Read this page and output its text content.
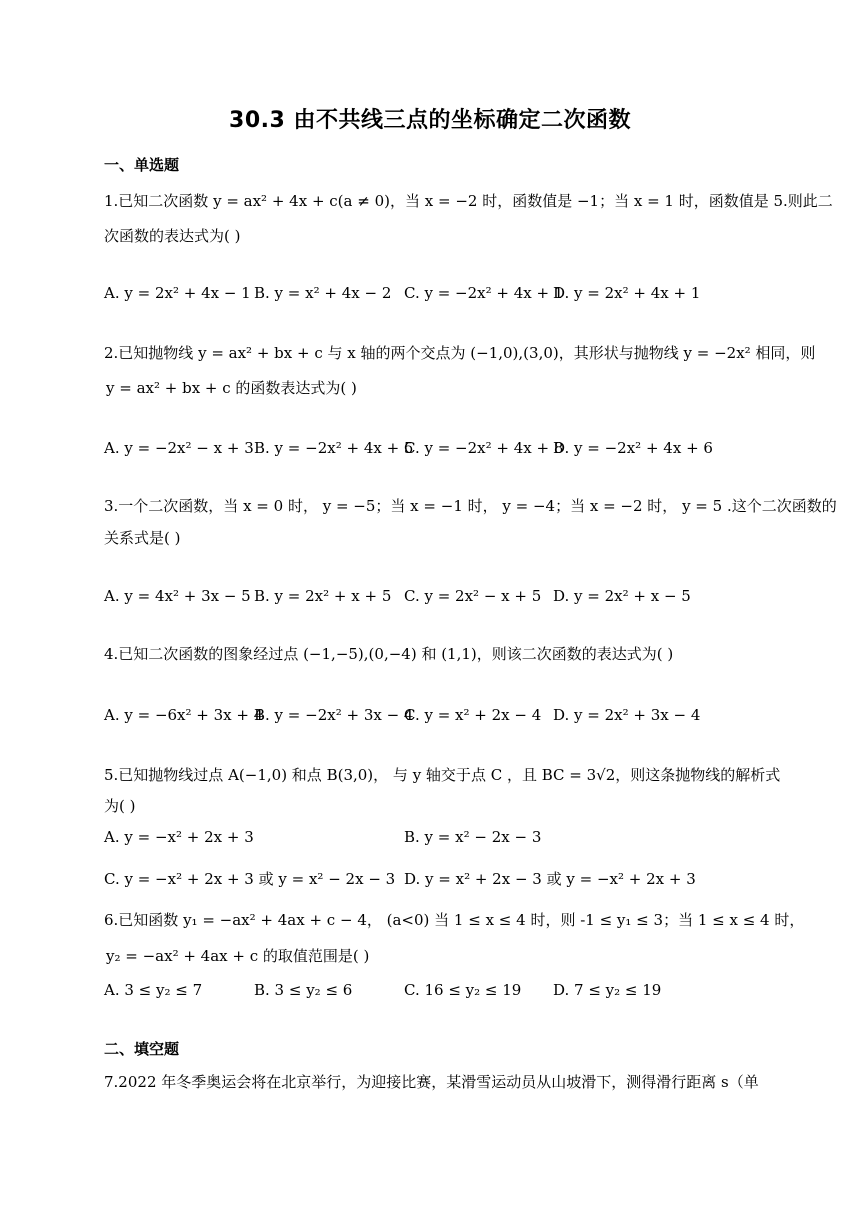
30.3 由不共线三点的坐标确定二次函数
一、单选题
1.已知二次函数 y = ax² + 4x + c(a ≠ 0)，当 x = −2 时，函数值是 −1；当 x = 1 时，函数值是 5.则此二
次函数的表达式为( )
A. y = 2x² + 4x − 1 B. y = x² + 4x − 2 C. y = −2x² + 4x + 1
D. y = 2x² + 4x + 1
2.已知抛物线 y = ax² + bx + c 与 x 轴的两个交点为 (−1,0),(3,0)，其形状与抛物线 y = −2x² 相同，则
y = ax² + bx + c 的函数表达式为( )
A. y = −2x² − x + 3 B. y = −2x² + 4x + 5
C. y = −2x² + 4x + 8
D. y = −2x² + 4x + 6
3.一个二次函数，当 x = 0 时， y = −5；当 x = −1 时， y = −4；当 x = −2 时， y = 5 .这个二次函数的
关系式是( )
A. y = 4x² + 3x − 5 B. y = 2x² + x + 5 C. y = 2x² − x + 5 D. y = 2x² + x − 5
4.已知二次函数的图象经过点 (−1,−5),(0,−4) 和 (1,1)，则该二次函数的表达式为( )
A. y = −6x² + 3x + 4
B. y = −2x² + 3x − 4
C. y = x² + 2x − 4 D. y = 2x² + 3x − 4
5.已知抛物线过点 A(−1,0) 和点 B(3,0)， 与 y 轴交于点 C ，且 BC = 3√2，则这条抛物线的解析式
为( )
A. y = −x² + 2x + 3	B. y = x² − 2x − 3
C. y = −x² + 2x + 3 或 y = x² − 2x − 3 D. y = x² + 2x − 3 或 y = −x² + 2x + 3
6.已知函数 y₁ = −ax² + 4ax + c − 4， (a<0) 当 1 ≤ x ≤ 4 时，则 -1 ≤ y₁ ≤ 3；当 1 ≤ x ≤ 4 时，
y₂ = −ax² + 4ax + c 的取值范围是( )
A. 3 ≤ y₂ ≤ 7	B. 3 ≤ y₂ ≤ 6	C. 16 ≤ y₂ ≤ 19 D. 7 ≤ y₂ ≤ 19
二、填空题
7.2022 年冬季奥运会将在北京举行，为迎接比赛，某滑雪运动员从山坡滑下，测得滑行距离 s（单
